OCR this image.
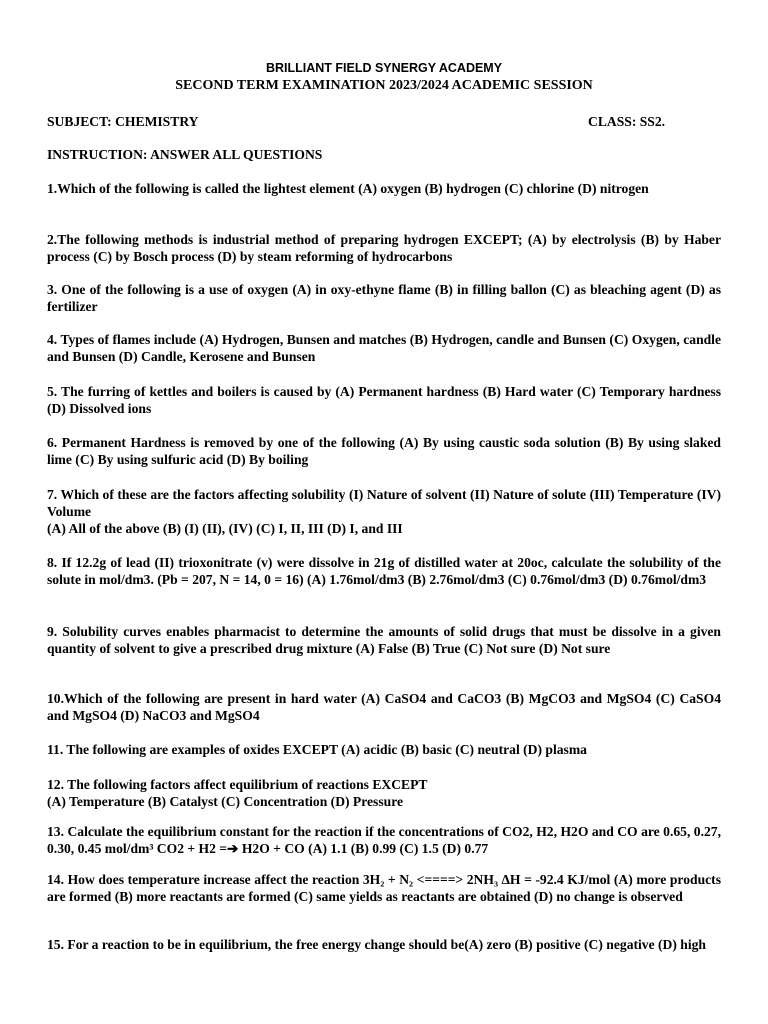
BRILLIANT FIELD SYNERGY ACADEMY
SECOND TERM EXAMINATION 2023/2024 ACADEMIC SESSION
SUBJECT: CHEMISTRY	CLASS: SS2.
INSTRUCTION: ANSWER ALL QUESTIONS

1.Which of the following is called the lightest element (A) oxygen (B) hydrogen (C) chlorine (D) nitrogen

2.The following methods is industrial method of preparing hydrogen EXCEPT; (A) by electrolysis (B) by Haber process (C) by Bosch process (D) by steam reforming of hydrocarbons

3. One of the following is a use of oxygen (A) in oxy-ethyne flame (B) in filling ballon (C) as bleaching agent (D) as fertilizer

4. Types of flames include (A) Hydrogen, Bunsen and matches (B) Hydrogen, candle and Bunsen (C) Oxygen, candle and Bunsen (D) Candle, Kerosene and Bunsen

5. The furring of kettles and boilers is caused by (A) Permanent hardness (B) Hard water (C) Temporary hardness (D) Dissolved ions

6. Permanent Hardness is removed by one of the following (A) By using caustic soda solution (B) By using slaked lime (C) By using sulfuric acid (D) By boiling

7. Which of these are the factors affecting solubility (I) Nature of solvent (II) Nature of solute (III) Temperature (IV) Volume
(A) All of the above (B) (I) (II), (IV) (C) I, II, III (D) I, and III

8. If 12.2g of lead (II) trioxonitrate (v) were dissolve in 21g of distilled water at 20oc, calculate the solubility of the solute in mol/dm3. (Pb = 207, N = 14, 0 = 16) (A) 1.76mol/dm3 (B) 2.76mol/dm3 (C) 0.76mol/dm3 (D) 0.76mol/dm3

9. Solubility curves enables pharmacist to determine the amounts of solid drugs that must be dissolve in a given quantity of solvent to give a prescribed drug mixture (A) False (B) True (C) Not sure (D) Not sure

10.Which of the following are present in hard water (A) CaSO4 and CaCO3 (B) MgCO3 and MgSO4 (C) CaSO4 and MgSO4 (D) NaCO3 and MgSO4

11. The following are examples of oxides EXCEPT (A) acidic (B) basic (C) neutral (D) plasma

12. The following factors affect equilibrium of reactions EXCEPT
(A) Temperature (B) Catalyst (C) Concentration (D) Pressure

13. Calculate the equilibrium constant for the reaction if the concentrations of CO2, H2, H2O and CO are 0.65, 0.27, 0.30, 0.45 mol/dm³ CO2 + H2 =➔ H2O + CO (A) 1.1 (B) 0.99 (C) 1.5 (D) 0.77

14. How does temperature increase affect the reaction 3H₂ + N₂ <====> 2NH₃ ∆H = -92.4 KJ/mol (A) more products are formed (B) more reactants are formed (C) same yields as reactants are obtained (D) no change is observed

15. For a reaction to be in equilibrium, the free energy change should be(A) zero (B) positive (C) negative (D) high
